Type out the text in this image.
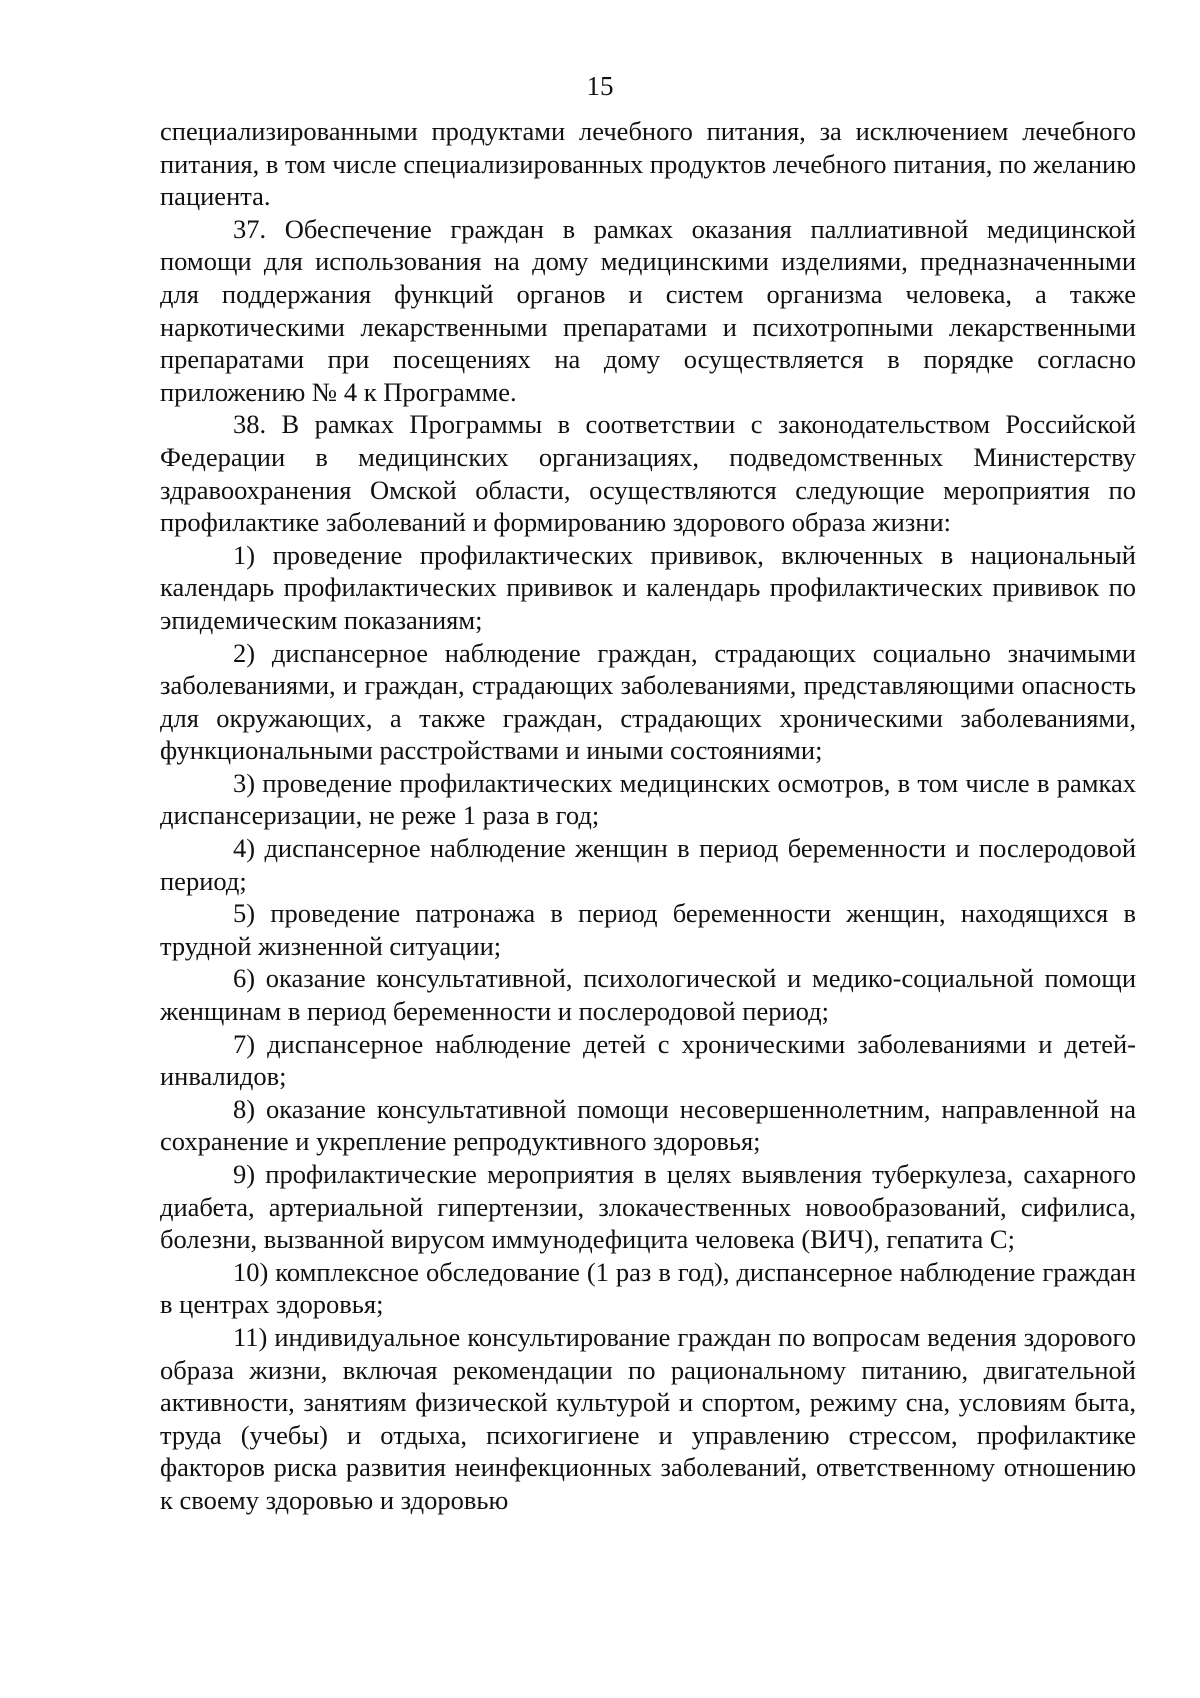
15

специализированными продуктами лечебного питания, за исключением лечебного питания, в том числе специализированных продуктов лечебного питания, по желанию пациента.

37. Обеспечение граждан в рамках оказания паллиативной медицинской помощи для использования на дому медицинскими изделиями, предназначенными для поддержания функций органов и систем организма человека, а также наркотическими лекарственными препаратами и психотропными лекарственными препаратами при посещениях на дому осуществляется в порядке согласно приложению № 4 к Программе.

38. В рамках Программы в соответствии с законодательством Российской Федерации в медицинских организациях, подведомственных Министерству здравоохранения Омской области, осуществляются следующие мероприятия по профилактике заболеваний и формированию здорового образа жизни:

1) проведение профилактических прививок, включенных в национальный календарь профилактических прививок и календарь профилактических прививок по эпидемическим показаниям;

2) диспансерное наблюдение граждан, страдающих социально значимыми заболеваниями, и граждан, страдающих заболеваниями, представляющими опасность для окружающих, а также граждан, страдающих хроническими заболеваниями, функциональными расстройствами и иными состояниями;

3) проведение профилактических медицинских осмотров, в том числе в рамках диспансеризации, не реже 1 раза в год;

4) диспансерное наблюдение женщин в период беременности и послеродовой период;

5) проведение патронажа в период беременности женщин, находящихся в трудной жизненной ситуации;

6) оказание консультативной, психологической и медико-социальной помощи женщинам в период беременности и послеродовой период;

7) диспансерное наблюдение детей с хроническими заболеваниями и детей-инвалидов;

8) оказание консультативной помощи несовершеннолетним, направленной на сохранение и укрепление репродуктивного здоровья;

9) профилактические мероприятия в целях выявления туберкулеза, сахарного диабета, артериальной гипертензии, злокачественных новообразований, сифилиса, болезни, вызванной вирусом иммунодефицита человека (ВИЧ), гепатита С;

10) комплексное обследование (1 раз в год), диспансерное наблюдение граждан в центрах здоровья;

11) индивидуальное консультирование граждан по вопросам ведения здорового образа жизни, включая рекомендации по рациональному питанию, двигательной активности, занятиям физической культурой и спортом, режиму сна, условиям быта, труда (учебы) и отдыха, психогигиене и управлению стрессом, профилактике факторов риска развития неинфекционных заболеваний, ответственному отношению к своему здоровью и здоровью
